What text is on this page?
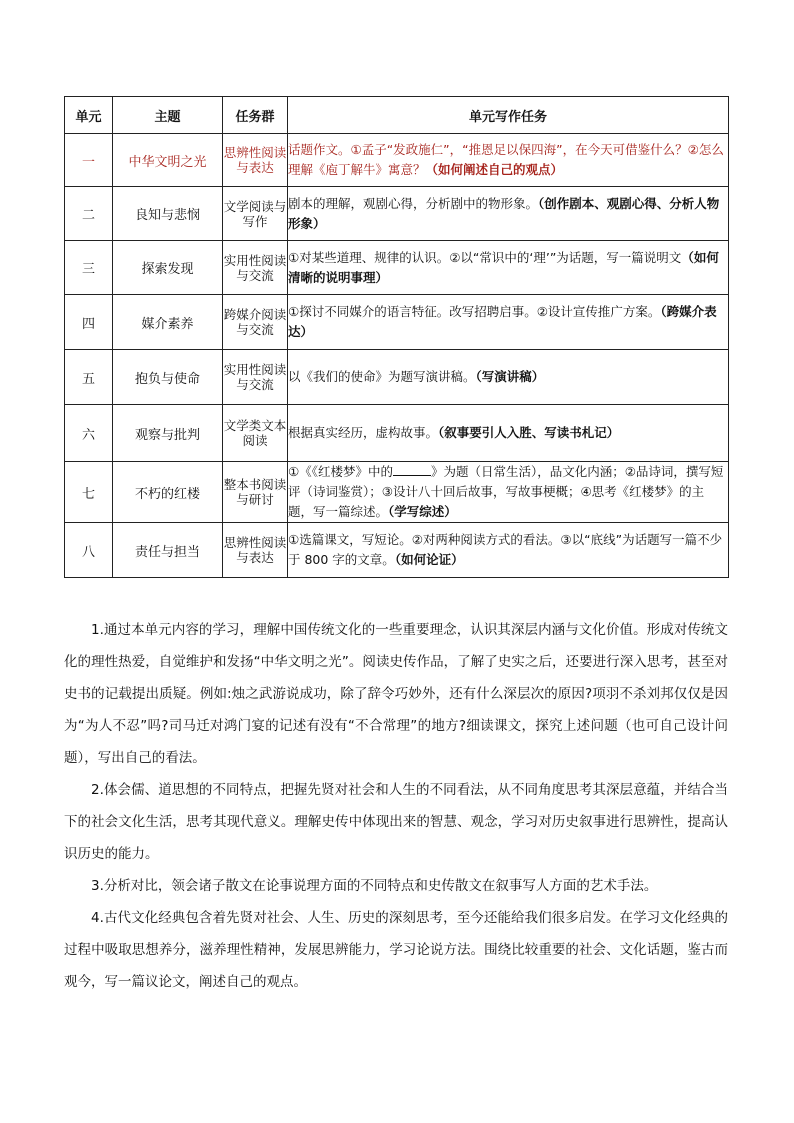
单元	主题	任务群	单元写作任务
一	中华文明之光	思辨性阅读与表达	话题作文。①孟子“发政施仁”，“推恩足以保四海”，在今天可借鉴什么？②怎么理解《庖丁解牛》寓意？（如何阐述自己的观点）
二	良知与悲悯	文学阅读与写作	剧本的理解，观剧心得，分析剧中的物形象。（创作剧本、观剧心得、分析人物形象）
三	探索发现	实用性阅读与交流	①对某些道理、规律的认识。②以“常识中的‘理’”为话题，写一篇说明文（如何清晰的说明事理）
四	媒介素养	跨媒介阅读与交流	①探讨不同媒介的语言特征。改写招聘启事。②设计宣传推广方案。（跨媒介表达）
五	抱负与使命	实用性阅读与交流	以《我们的使命》为题写演讲稿。（写演讲稿）
六	观察与批判	文学类文本阅读	根据真实经历，虚构故事。（叙事要引人入胜、写读书札记）
七	不朽的红楼	整本书阅读与研讨	①《《红楼梦》中的 》为题（日常生活），品文化内涵；②品诗词，撰写短评（诗词鉴赏）；③设计八十回后故事，写故事梗概；④思考《红楼梦》的主题，写一篇综述。（学写综述）
八	责任与担当	思辨性阅读与表达	①选篇课文，写短论。②对两种阅读方式的看法。③以“底线”为话题写一篇不少于 800 字的文章。（如何论证）

1.通过本单元内容的学习，理解中国传统文化的一些重要理念，认识其深层内涵与文化价值。形成对传统文化的理性热爱，自觉维护和发扬“中华文明之光”。阅读史传作品，了解了史实之后，还要进行深入思考，甚至对史书的记载提出质疑。例如:烛之武游说成功，除了辞令巧妙外，还有什么深层次的原因?项羽不杀刘邦仅仅是因为“为人不忍”吗?司马迁对鸿门宴的记述有没有“不合常理”的地方?细读课文，探究上述问题（也可自己设计问题），写出自己的看法。

2.体会儒、道思想的不同特点，把握先贤对社会和人生的不同看法，从不同角度思考其深层意蕴，并结合当下的社会文化生活，思考其现代意义。理解史传中体现出来的智慧、观念，学习对历史叙事进行思辨性，提高认识历史的能力。

3.分析对比，领会诸子散文在论事说理方面的不同特点和史传散文在叙事写人方面的艺术手法。

4.古代文化经典包含着先贤对社会、人生、历史的深刻思考，至今还能给我们很多启发。在学习文化经典的过程中吸取思想养分，滋养理性精神，发展思辨能力，学习论说方法。围绕比较重要的社会、文化话题，鉴古而观今，写一篇议论文，阐述自己的观点。
